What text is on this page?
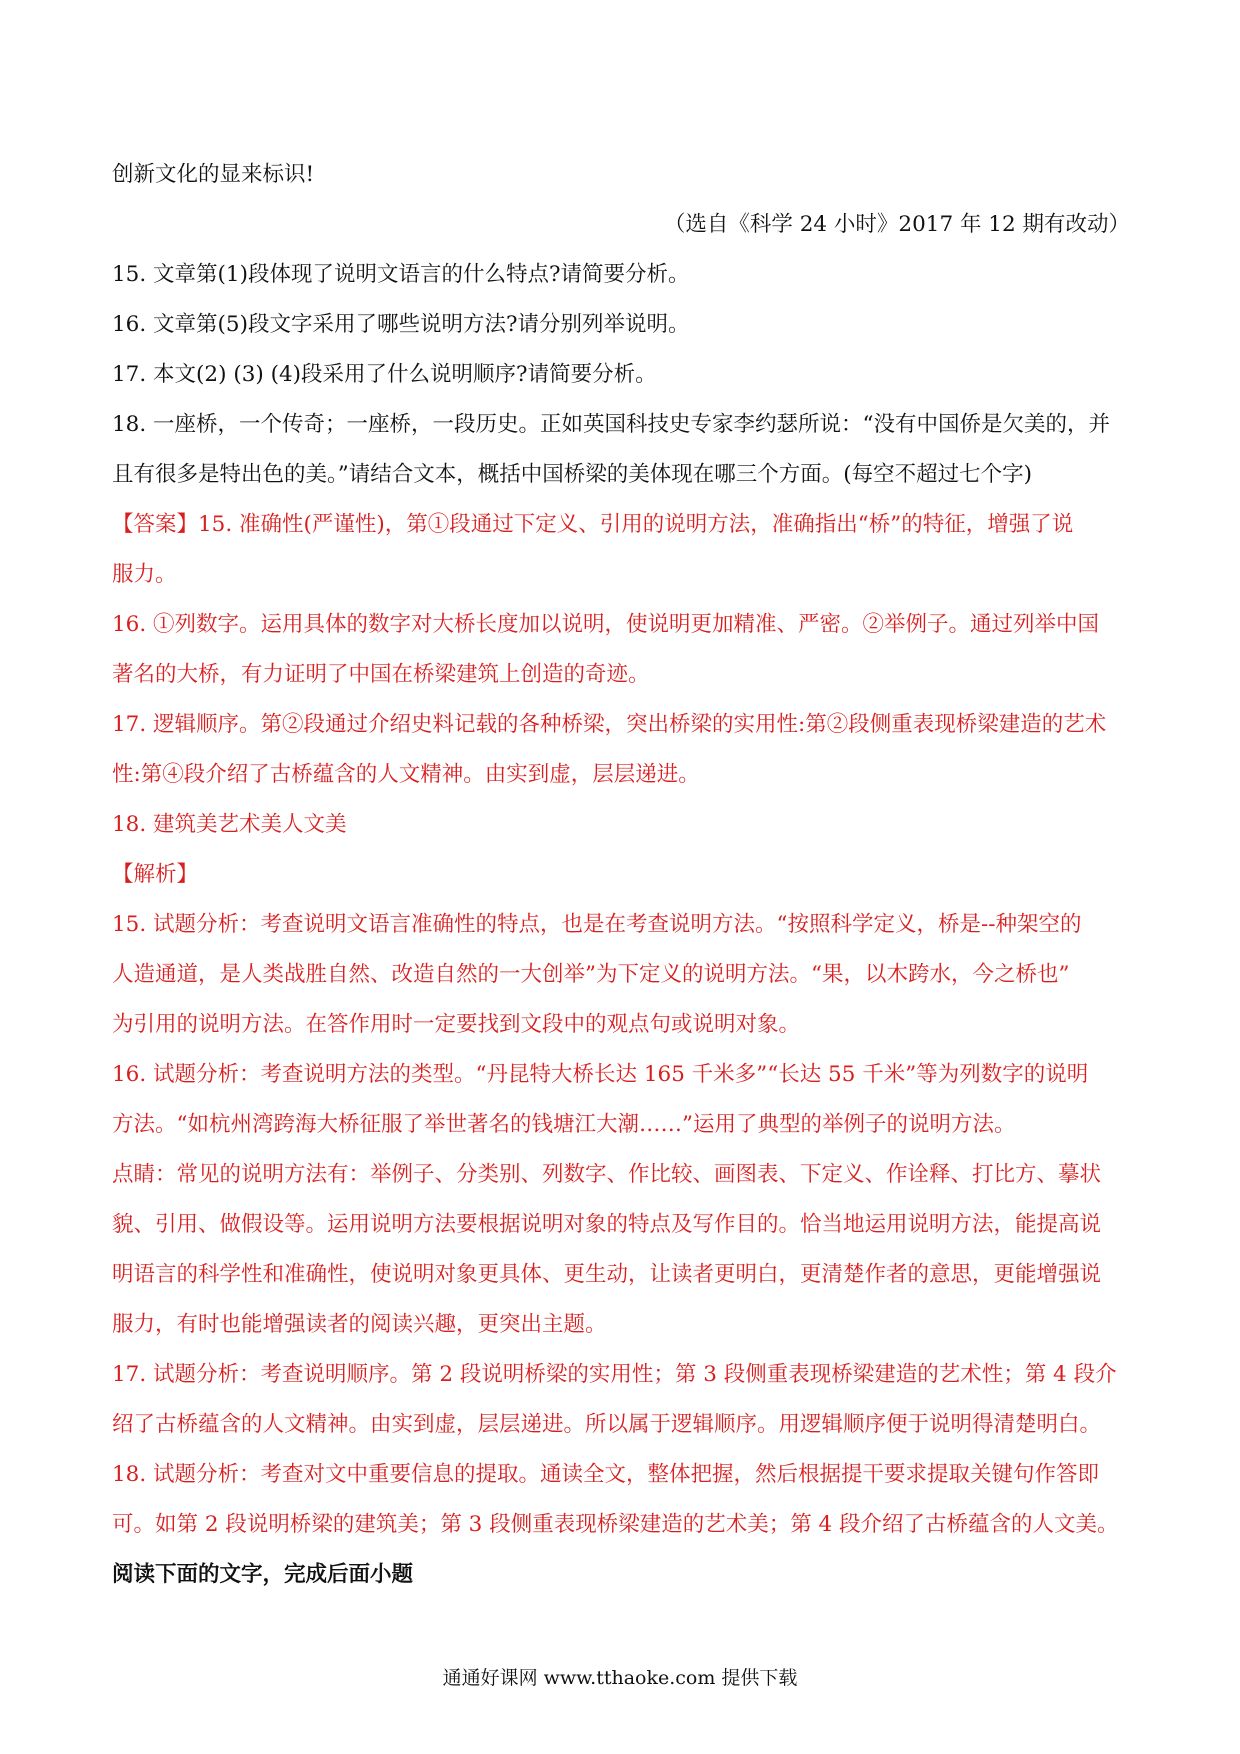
创新文化的显来标识!

（选自《科学 24 小时》2017 年 12 期有改动）

15. 文章第(1)段体现了说明文语言的什么特点?请简要分析。

16. 文章第(5)段文字采用了哪些说明方法?请分别列举说明。

17. 本文(2) (3) (4)段采用了什么说明顺序?请简要分析。

18. 一座桥，一个传奇；一座桥，一段历史。正如英国科技史专家李约瑟所说：“没有中国侨是欠美的，并

且有很多是特出色的美。”请结合文本，概括中国桥梁的美体现在哪三个方面。(每空不超过七个字)

【答案】15. 准确性(严谨性)，第①段通过下定义、引用的说明方法，准确指出“桥”的特征，增强了说

服力。

16. ①列数字。运用具体的数字对大桥长度加以说明，使说明更加精准、严密。②举例子。通过列举中国

著名的大桥，有力证明了中国在桥梁建筑上创造的奇迹。

17. 逻辑顺序。第②段通过介绍史料记载的各种桥梁，突出桥梁的实用性:第②段侧重表现桥梁建造的艺术

性:第④段介绍了古桥蕴含的人文精神。由实到虚，层层递进。

18. 建筑美艺术美人文美

【解析】

15. 试题分析：考查说明文语言准确性的特点，也是在考查说明方法。“按照科学定义，桥是--种架空的

人造通道，是人类战胜自然、改造自然的一大创举”为下定义的说明方法。“果，以木跨水，今之桥也”

为引用的说明方法。在答作用时一定要找到文段中的观点句或说明对象。

16. 试题分析：考查说明方法的类型。“丹昆特大桥长达 165 千米多”“长达 55 千米”等为列数字的说明

方法。“如杭州湾跨海大桥征服了举世著名的钱塘江大潮……”运用了典型的举例子的说明方法。

点睛：常见的说明方法有：举例子、分类别、列数字、作比较、画图表、下定义、作诠释、打比方、摹状

貌、引用、做假设等。运用说明方法要根据说明对象的特点及写作目的。恰当地运用说明方法，能提高说

明语言的科学性和准确性，使说明对象更具体、更生动，让读者更明白，更清楚作者的意思，更能增强说

服力，有时也能增强读者的阅读兴趣，更突出主题。

17. 试题分析：考查说明顺序。第 2 段说明桥梁的实用性；第 3 段侧重表现桥梁建造的艺术性；第 4 段介

绍了古桥蕴含的人文精神。由实到虚，层层递进。所以属于逻辑顺序。用逻辑顺序便于说明得清楚明白。

18. 试题分析：考查对文中重要信息的提取。通读全文，整体把握，然后根据提干要求提取关键句作答即

可。如第 2 段说明桥梁的建筑美；第 3 段侧重表现桥梁建造的艺术美；第 4 段介绍了古桥蕴含的人文美。

阅读下面的文字，完成后面小题

通通好课网 www.tthaoke.com 提供下载
